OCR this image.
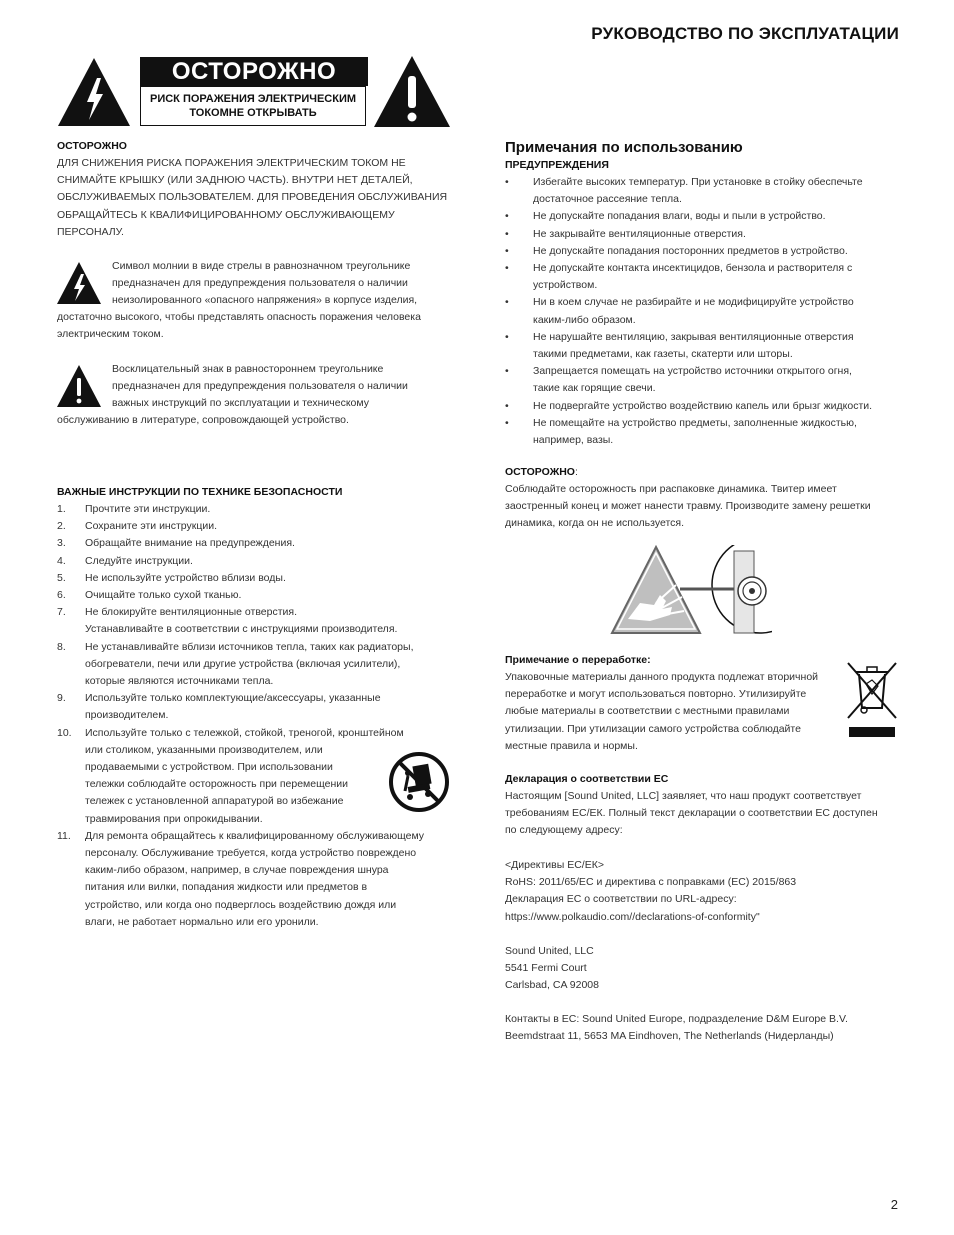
РУКОВОДСТВО ПО ЭКСПЛУАТАЦИИ
2
ОСТОРОЖНО
РИСК ПОРАЖЕНИЯ ЭЛЕКТРИЧЕСКИМ
ТОКОМНЕ ОТКРЫВАТЬ
ОСТОРОЖНО
ДЛЯ СНИЖЕНИЯ РИСКА ПОРАЖЕНИЯ ЭЛЕКТРИЧЕСКИМ ТОКОМ НЕ
СНИМАЙТЕ КРЫШКУ (ИЛИ ЗАДНЮЮ ЧАСТЬ). ВНУТРИ НЕТ ДЕТАЛЕЙ,
ОБСЛУЖИВАЕМЫХ ПОЛЬЗОВАТЕЛЕМ. ДЛЯ ПРОВЕДЕНИЯ ОБСЛУЖИВАНИЯ
ОБРАЩАЙТЕСЬ К КВАЛИФИЦИРОВАННОМУ ОБСЛУЖИВАЮЩЕМУ
ПЕРСОНАЛУ.
Символ молнии в виде стрелы в равнозначном треугольнике
предназначен для предупреждения пользователя о наличии
неизолированного «опасного напряжения» в корпусе изделия,
достаточно высокого, чтобы представлять опасность поражения человека
электрическим током.
Восклицательный знак в равностороннем треугольнике
предназначен для предупреждения пользователя о наличии
важных инструкций по эксплуатации и техническому
обслуживанию в литературе, сопровождающей устройство.
ВАЖНЫЕ ИНСТРУКЦИИ ПО ТЕХНИКЕ БЕЗОПАСНОСТИ
1. Прочтите эти инструкции.
2. Сохраните эти инструкции.
3. Обращайте внимание на предупреждения.
4. Следуйте инструкции.
5. Не используйте устройство вблизи воды.
6. Очищайте только сухой тканью.
7. Не блокируйте вентиляционные отверстия.
Устанавливайте в соответствии с инструкциями производителя.
8. Не устанавливайте вблизи источников тепла, таких как радиаторы,
обогреватели, печи или другие устройства (включая усилители),
которые являются источниками тепла.
9. Используйте только комплектующие/аксессуары, указанные
производителем.
10. Используйте только с тележкой, стойкой, треногой, кронштейном
или столиком, указанными производителем, или
продаваемыми с устройством. При использовании
тележки соблюдайте осторожность при перемещении
тележек с установленной аппаратурой во избежание
травмирования при опрокидывании.
11. Для ремонта обращайтесь к квалифицированному обслуживающему
персоналу. Обслуживание требуется, когда устройство повреждено
каким-либо образом, например, в случае повреждения шнура
питания или вилки, попадания жидкости или предметов в
устройство, или когда оно подверглось воздействию дождя или
влаги, не работает нормально или его уронили.
Примечания по использованию
ПРЕДУПРЕЖДЕНИЯ
• Избегайте высоких температур. При установке в стойку обеспечьте
достаточное рассеяние тепла.
• Не допускайте попадания влаги, воды и пыли в устройство.
• Не закрывайте вентиляционные отверстия.
• Не допускайте попадания посторонних предметов в устройство.
• Не допускайте контакта инсектицидов, бензола и растворителя с
устройством.
• Ни в коем случае не разбирайте и не модифицируйте устройство
каким-либо образом.
• Не нарушайте вентиляцию, закрывая вентиляционные отверстия
такими предметами, как газеты, скатерти или шторы.
• Запрещается помещать на устройство источники открытого огня,
такие как горящие свечи.
• Не подвергайте устройство воздействию капель или брызг жидкости.
• Не помещайте на устройство предметы, заполненные жидкостью,
например, вазы.
ОСТОРОЖНО:
Соблюдайте осторожность при распаковке динамика. Твитер имеет
заостренный конец и может нанести травму. Производите замену решетки
динамика, когда он не используется.
Примечание о переработке:
Упаковочные материалы данного продукта подлежат вторичной
переработке и могут использоваться повторно. Утилизируйте
любые материалы в соответствии с местными правилами
утилизации. При утилизации самого устройства соблюдайте
местные правила и нормы.
Декларация о соответствии ЕС
Настоящим [Sound United, LLC] заявляет, что наш продукт соответствует
требованиям ЕС/ЕК. Полный текст декларации о соответствии ЕС доступен
по следующему адресу:
<Директивы ЕС/ЕК>
RoHS: 2011/65/EC и директива с поправками (EC) 2015/863
Декларация ЕС о соответствии по URL-адресу:
https://www.polkaudio.com//declarations-of-conformity"
Sound United, LLC
5541 Fermi Court
Carlsbad, CA 92008
Контакты в ЕС: Sound United Europe, подразделение D&M Europe B.V.
Beemdstraat 11, 5653 MA Eindhoven, The Netherlands (Нидерланды)
